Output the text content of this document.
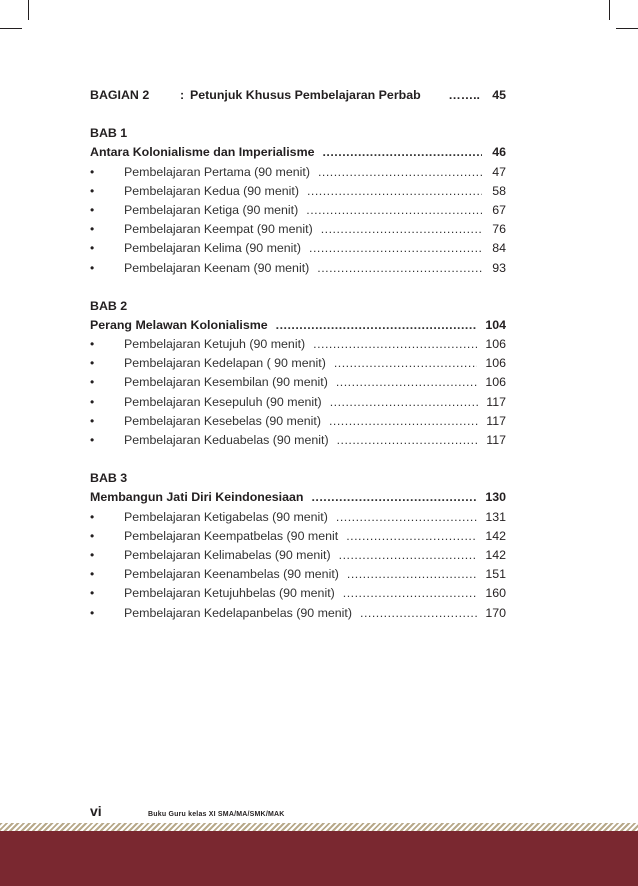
BAGIAN 2	: Petunjuk Khusus Pembelajaran Perbab …….. 45
BAB 1
Antara Kolonialisme dan Imperialisme .....	46
•	Pembelajaran Pertama (90 menit) .....	47
•	Pembelajaran Kedua (90 menit) .....	58
•	Pembelajaran Ketiga (90 menit) .....	67
•	Pembelajaran Keempat (90 menit) .....	76
•	Pembelajaran Kelima (90 menit) .....	84
•	Pembelajaran Keenam (90 menit) .....	93
BAB 2
Perang Melawan Kolonialisme .....	104
•	Pembelajaran Ketujuh (90 menit) .....	106
•	Pembelajaran Kedelapan ( 90 menit) .....	106
•	Pembelajaran Kesembilan (90 menit) .....	106
•	Pembelajaran Kesepuluh (90 menit) .....	117
•	Pembelajaran Kesebelas (90 menit) .....	117
•	Pembelajaran Keduabelas (90 menit) .....	117
BAB 3
Membangun Jati Diri Keindonesiaan .....	130
•	Pembelajaran Ketigabelas (90 menit) .....	131
•	Pembelajaran Keempatbelas (90 menit .....	142
•	Pembelajaran Kelimabelas (90 menit) .....	142
•	Pembelajaran Keenambelas (90 menit) .....	151
•	Pembelajaran Ketujuhbelas (90 menit) .....	160
•	Pembelajaran Kedelapanbelas (90 menit) .....	170
vi	Buku Guru kelas XI SMA/MA/SMK/MAK
